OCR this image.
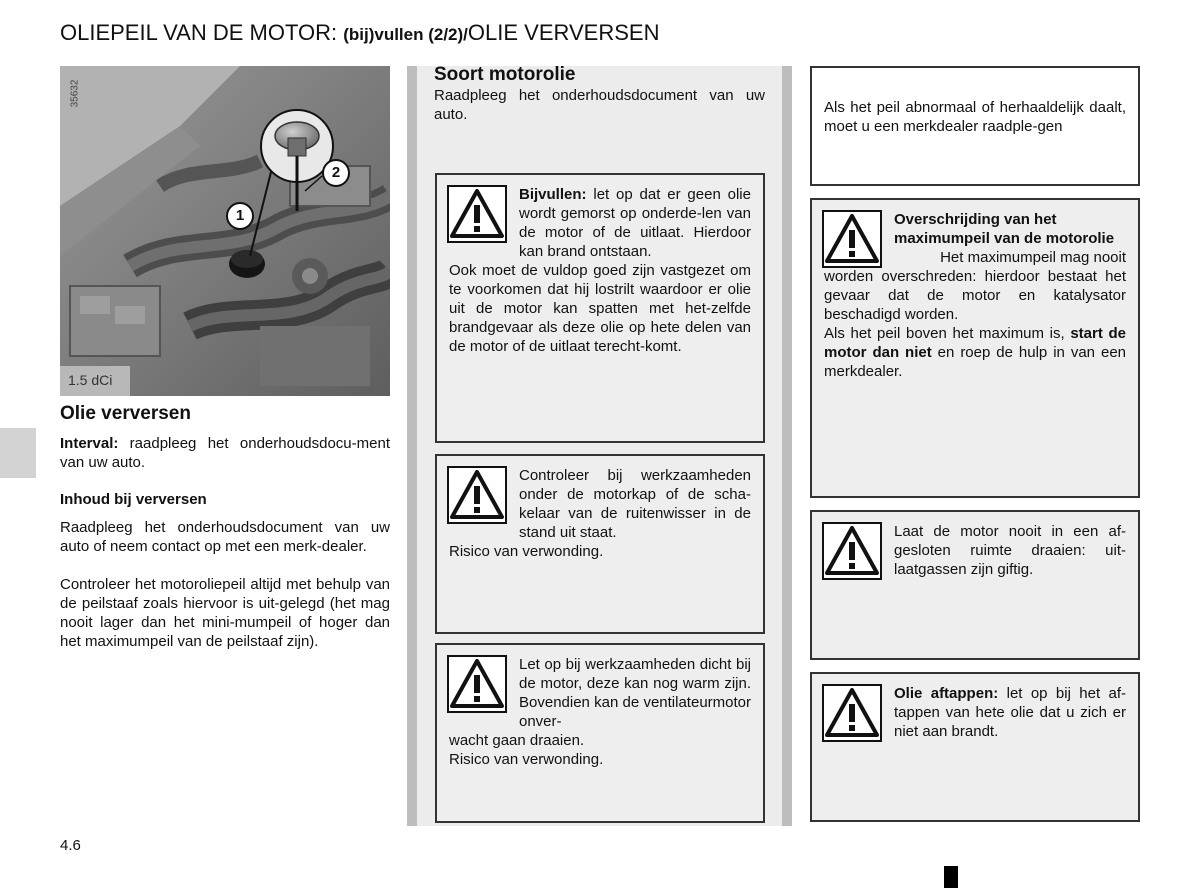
OLIEPEIL VAN DE MOTOR: (bij)vullen (2/2)/OLIE VERVERSEN
35632
1
2
1.5 dCi
Olie verversen
Interval: raadpleeg het onderhoudsdocu-ment van uw auto.
Inhoud bij verversen
Raadpleeg het onderhoudsdocument van uw auto of neem contact op met een merk-dealer.
Controleer het motoroliepeil altijd met behulp van de peilstaaf zoals hiervoor is uit-gelegd (het mag nooit lager dan het mini-mumpeil of hoger dan het maximumpeil van de peilstaaf zijn).
Soort motorolie
Raadpleeg het onderhoudsdocument van uw auto.
Bijvullen: let op dat er geen olie wordt gemorst op onderde-len van de motor of de uitlaat. Hierdoor kan brand ontstaan.
Ook moet de vuldop goed zijn vastgezet om te voorkomen dat hij lostrilt waardoor er olie uit de motor kan spatten met het-zelfde brandgevaar als deze olie op hete delen van de motor of de uitlaat terecht-komt.
Controleer bij werkzaamheden onder de motorkap of de scha-kelaar van de ruitenwisser in de stand uit staat.
Risico van verwonding.
Let op bij werkzaamheden dicht bij de motor, deze kan nog warm zijn. Bovendien kan de ventilateurmotor onver-
wacht gaan draaien.
Risico van verwonding.
Als het peil abnormaal of herhaaldelijk daalt, moet u een merkdealer raadple-gen
Overschrijding van het maximumpeil van de motorolie
Het maximumpeil mag nooit
worden overschreden: hierdoor bestaat het gevaar dat de motor en katalysator beschadigd worden.
Als het peil boven het maximum is, start de motor dan niet en roep de hulp in van een merkdealer.
Laat de motor nooit in een af-gesloten ruimte draaien: uit-laatgassen zijn giftig.
Olie aftappen: let op bij het af-tappen van hete olie dat u zich er niet aan brandt.
4.6
